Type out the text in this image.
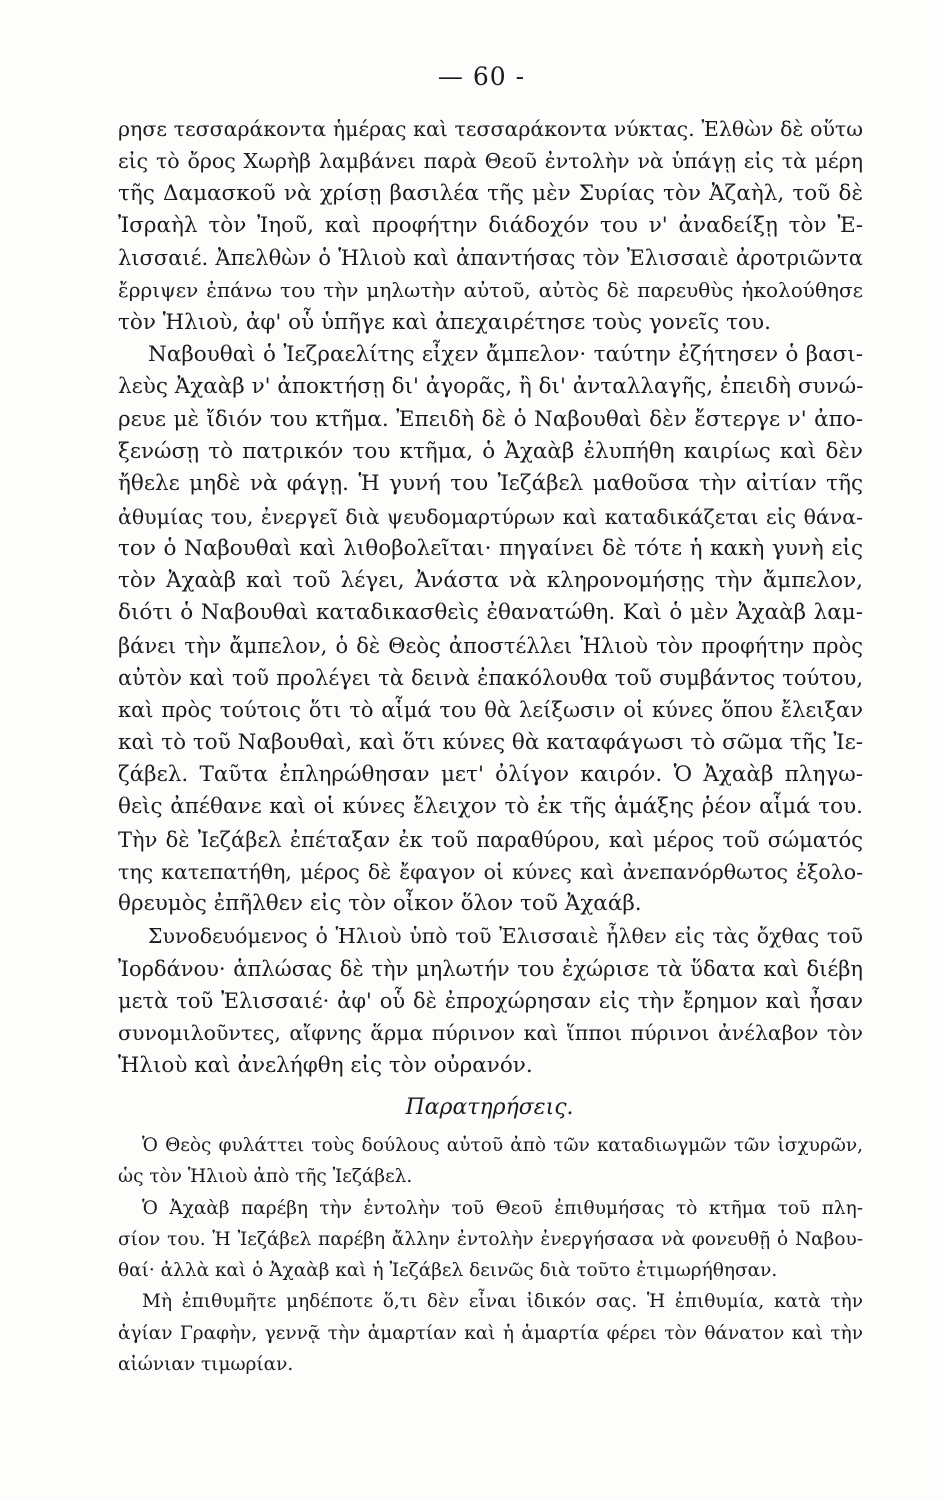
— 60 -
ρησε τεσσαράκοντα ἡμέρας καὶ τεσσαράκοντα νύκτας. Ἐλθὼν δὲ οὕτω
εἰς τὸ ὄρος Χωρὴβ λαμβάνει παρὰ Θεοῦ ἐντολὴν νὰ ὑπάγῃ εἰς τὰ μέρη
τῆς Δαμασκοῦ νὰ χρίσῃ βασιλέα τῆς μὲν Συρίας τὸν Ἀζαὴλ, τοῦ δὲ
Ἰσραὴλ τὸν Ἰηοῦ, καὶ προφήτην διάδοχόν του ν' ἀναδείξῃ τὸν Ἐ-
λισσαιέ. Ἀπελθὼν ὁ Ἡλιοὺ καὶ ἀπαντήσας τὸν Ἐλισσαιὲ ἀροτριῶντα
ἔρριψεν ἐπάνω του τὴν μηλωτὴν αὐτοῦ, αὐτὸς δὲ παρευθὺς ἠκολούθησε
τὸν Ἡλιοὺ, ἀφ' οὗ ὑπῆγε καὶ ἀπεχαιρέτησε τοὺς γονεῖς του.
Ναβουθαὶ ὁ Ἰεζραελίτης εἶχεν ἄμπελον· ταύτην ἐζήτησεν ὁ βασι-
λεὺς Ἀχαὰβ ν' ἀποκτήσῃ δι' ἀγορᾶς, ἢ δι' ἀνταλλαγῆς, ἐπειδὴ συνώ-
ρευε μὲ ἴδιόν του κτῆμα. Ἐπειδὴ δὲ ὁ Ναβουθαὶ δὲν ἔστεργε ν' ἀπο-
ξενώσῃ τὸ πατρικόν του κτῆμα, ὁ Ἀχαὰβ ἐλυπήθη καιρίως καὶ δὲν
ἤθελε μηδὲ νὰ φάγῃ. Ἡ γυνή του Ἰεζάβελ μαθοῦσα τὴν αἰτίαν τῆς
ἀθυμίας του, ἐνεργεῖ διὰ ψευδομαρτύρων καὶ καταδικάζεται εἰς θάνα-
τον ὁ Ναβουθαὶ καὶ λιθοβολεῖται· πηγαίνει δὲ τότε ἡ κακὴ γυνὴ εἰς
τὸν Ἀχαὰβ καὶ τοῦ λέγει, Ἀνάστα νὰ κληρονομήσῃς τὴν ἄμπελον,
διότι ὁ Ναβουθαὶ καταδικασθεὶς ἐθανατώθη. Καὶ ὁ μὲν Ἀχαὰβ λαμ-
βάνει τὴν ἄμπελον, ὁ δὲ Θεὸς ἀποστέλλει Ἡλιοὺ τὸν προφήτην πρὸς
αὐτὸν καὶ τοῦ προλέγει τὰ δεινὰ ἐπακόλουθα τοῦ συμβάντος τούτου,
καὶ πρὸς τούτοις ὅτι τὸ αἷμά του θὰ λείξωσιν οἱ κύνες ὅπου ἔλειξαν
καὶ τὸ τοῦ Ναβουθαὶ, καὶ ὅτι κύνες θὰ καταφάγωσι τὸ σῶμα τῆς Ἰε-
ζάβελ. Ταῦτα ἐπληρώθησαν μετ' ὀλίγον καιρόν. Ὁ Ἀχαὰβ πληγω-
θεὶς ἀπέθανε καὶ οἱ κύνες ἔλειχον τὸ ἐκ τῆς ἁμάξης ῥέον αἷμά του.
Τὴν δὲ Ἰεζάβελ ἐπέταξαν ἐκ τοῦ παραθύρου, καὶ μέρος τοῦ σώματός
της κατεπατήθη, μέρος δὲ ἔφαγον οἱ κύνες καὶ ἀνεπανόρθωτος ἐξολο-
θρευμὸς ἐπῆλθεν εἰς τὸν οἶκον ὅλον τοῦ Ἀχαάβ.
Συνοδευόμενος ὁ Ἡλιοὺ ὑπὸ τοῦ Ἐλισσαιὲ ἦλθεν εἰς τὰς ὄχθας τοῦ
Ἰορδάνου· ἁπλώσας δὲ τὴν μηλωτήν του ἐχώρισε τὰ ὕδατα καὶ διέβη
μετὰ τοῦ Ἐλισσαιέ· ἀφ' οὗ δὲ ἐπροχώρησαν εἰς τὴν ἔρημον καὶ ἦσαν
συνομιλοῦντες, αἴφνης ἅρμα πύρινον καὶ ἵπποι πύρινοι ἀνέλαβον τὸν
Ἡλιοὺ καὶ ἀνελήφθη εἰς τὸν οὐρανόν.
Παρατηρήσεις.
Ὁ Θεὸς φυλάττει τοὺς δούλους αὐτοῦ ἀπὸ τῶν καταδιωγμῶν τῶν ἰσχυρῶν,
ὡς τὸν Ἡλιοὺ ἀπὸ τῆς Ἰεζάβελ.
Ὁ Ἀχαὰβ παρέβη τὴν ἐντολὴν τοῦ Θεοῦ ἐπιθυμήσας τὸ κτῆμα τοῦ πλη-
σίον του. Ἡ Ἰεζάβελ παρέβη ἄλλην ἐντολὴν ἐνεργήσασα νὰ φονευθῇ ὁ Ναβου-
θαί· ἀλλὰ καὶ ὁ Ἀχαὰβ καὶ ἡ Ἰεζάβελ δεινῶς διὰ τοῦτο ἐτιμωρήθησαν.
Μὴ ἐπιθυμῆτε μηδέποτε ὅ,τι δὲν εἶναι ἰδικόν σας. Ἡ ἐπιθυμία, κατὰ τὴν
ἁγίαν Γραφὴν, γεννᾷ τὴν ἁμαρτίαν καὶ ἡ ἁμαρτία φέρει τὸν θάνατον καὶ τὴν
αἰώνιαν τιμωρίαν.
